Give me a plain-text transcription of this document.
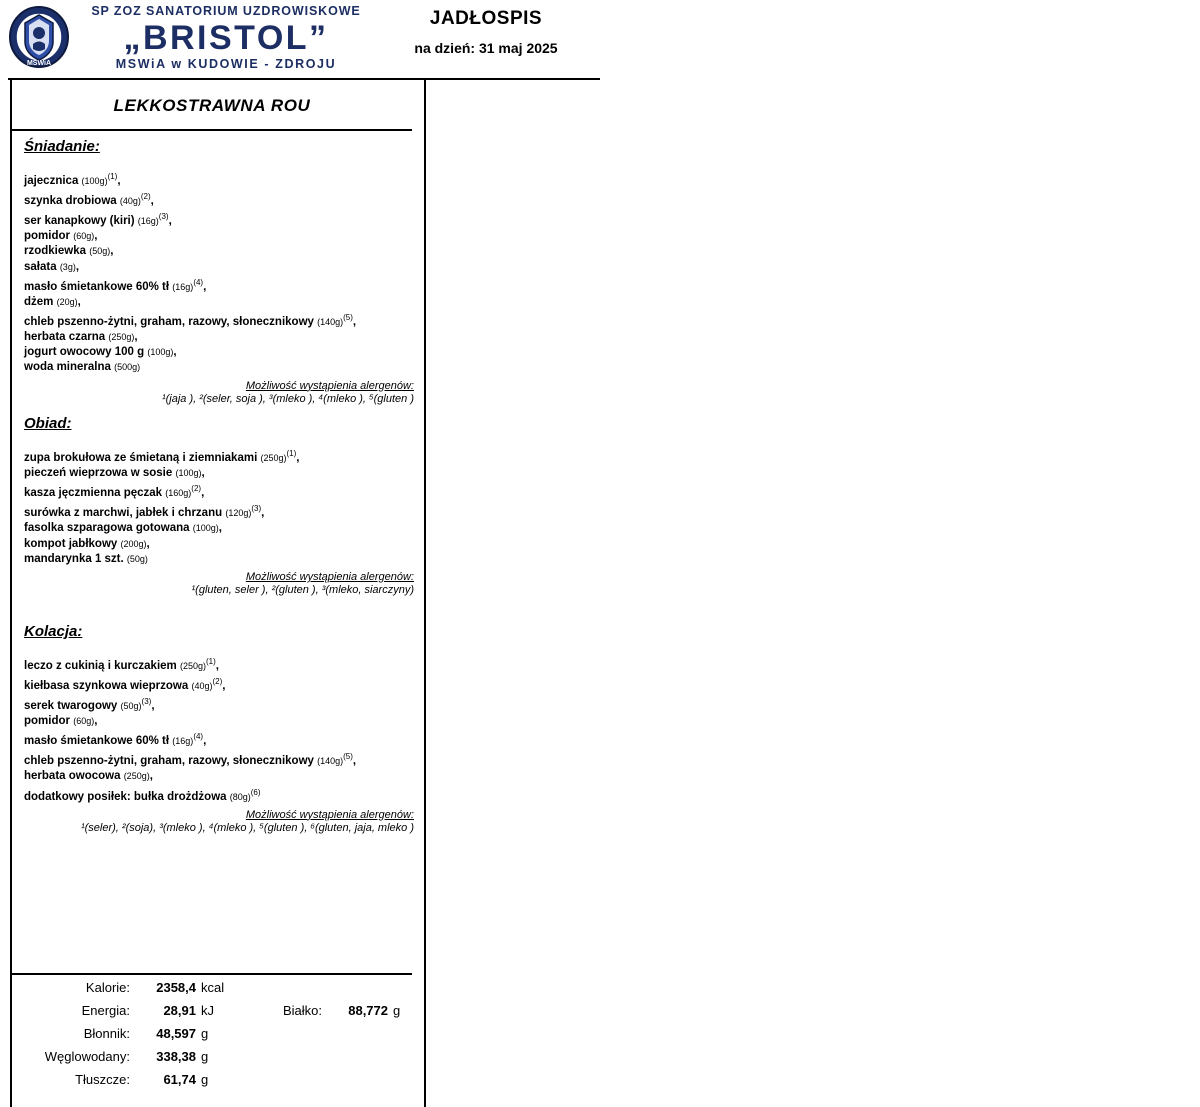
MSWiA
SP ZOZ SANATORIUM UZDROWISKOWE
„BRISTOL”
MSWiA w KUDOWIE - ZDROJU
JADŁOSPIS
na dzień: 31 maj 2025
LEKKOSTRAWNA ROU
Śniadanie:
jajecznica $(100g)^{(1)}$,
szynka drobiowa $(40g)^{(2)}$,
ser kanapkowy (kiri) $(16g)^{(3)}$,
pomidor (60g),
rzodkiewka (50g),
sałata (3g),
masło śmietankowe 60% tł $(16g)^{(4)}$,
dżem (20g),
chleb pszenno-żytni, graham, razowy, słonecznikowy $(140g)^{(5)}$,
herbata czarna (250g),
jogurt owocowy 100 g (100g),
woda mineralna (500g)
Możliwość wystąpienia alergenów:
¹(jaja ), ²(seler, soja ), ³(mleko ), ⁴(mleko ), ⁵(gluten )
Obiad:
zupa brokułowa ze śmietaną i ziemniakami $(250g)^{(1)}$,
pieczeń wieprzowa w sosie (100g),
kasza jęczmienna pęczak $(160g)^{(2)}$,
surówka z marchwi, jabłek i chrzanu $(120g)^{(3)}$,
fasolka szparagowa gotowana (100g),
kompot jabłkowy (200g),
mandarynka 1 szt. (50g)
Możliwość wystąpienia alergenów:
¹(gluten, seler ), ²(gluten ), ³(mleko, siarczyny)
Kolacja:
leczo z cukinią i kurczakiem $(250g)^{(1)}$,
kiełbasa szynkowa wieprzowa $(40g)^{(2)}$,
serek twarogowy $(50g)^{(3)}$,
pomidor (60g),
masło śmietankowe 60% tł $(16g)^{(4)}$,
chleb pszenno-żytni, graham, razowy, słonecznikowy $(140g)^{(5)}$,
herbata owocowa (250g),
dodatkowy posiłek: bułka drożdżowa $(80g)^{(6)}$
Możliwość wystąpienia alergenów:
¹(seler), ²(soja), ³(mleko ), ⁴(mleko ), ⁵(gluten ), ⁶(gluten, jaja, mleko )
Kalorie:	2358,4 kcal
Energia:	28,91 kJ	Białko:	88,772 g
Błonnik:	48,597 g
Węglowodany:	338,38 g
Tłuszcze:	61,74 g
